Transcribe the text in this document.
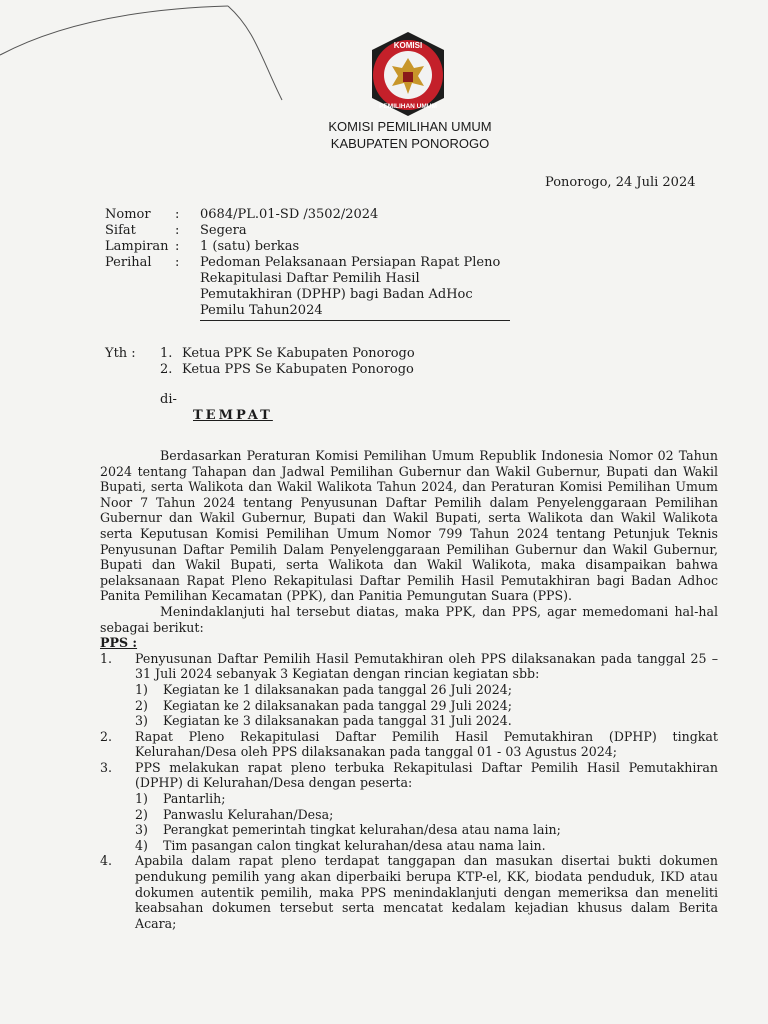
KOMISI
PEMILIHAN UMUM
KOMISI PEMILIHAN UMUM
KABUPATEN PONOROGO
Ponorogo, 24 Juli 2024
Nomor	:	0684/PL.01-SD /3502/2024
Sifat	:	Segera
Lampiran :	1 (satu) berkas
Perihal	:	Pedoman Pelaksanaan Persiapan Rapat Pleno Rekapitulasi Daftar Pemilih Hasil Pemutakhiran (DPHP) bagi Badan AdHoc Pemilu Tahun2024
Yth :	1. Ketua PPK Se Kabupaten Ponorogo
2. Ketua PPS Se Kabupaten Ponorogo
di-
TEMPAT

Berdasarkan Peraturan Komisi Pemilihan Umum Republik Indonesia Nomor 02 Tahun 2024 tentang Tahapan dan Jadwal Pemilihan Gubernur dan Wakil Gubernur, Bupati dan Wakil Bupati, serta Walikota dan Wakil Walikota Tahun 2024, dan Peraturan Komisi Pemilihan Umum Noor 7 Tahun 2024 tentang Penyusunan Daftar Pemilih dalam Penyelenggaraan Pemilihan Gubernur dan Wakil Gubernur, Bupati dan Wakil Bupati, serta Walikota dan Wakil Walikota serta Keputusan Komisi Pemilihan Umum Nomor 799 Tahun 2024 tentang Petunjuk Teknis Penyusunan Daftar Pemilih Dalam Penyelenggaraan Pemilihan Gubernur dan Wakil Gubernur, Bupati dan Wakil Bupati, serta Walikota dan Wakil Walikota, maka disampaikan bahwa pelaksanaan Rapat Pleno Rekapitulasi Daftar Pemilih Hasil Pemutakhiran bagi Badan Adhoc Panita Pemilihan Kecamatan (PPK), dan Panitia Pemungutan Suara (PPS).

Menindaklanjuti hal tersebut diatas, maka PPK, dan PPS, agar memedomani hal-hal sebagai berikut:

PPS :

1.	Penyusunan Daftar Pemilih Hasil Pemutakhiran oleh PPS dilaksanakan pada tanggal 25 – 31 Juli 2024 sebanyak 3 Kegiatan dengan rincian kegiatan sbb:
1)	Kegiatan ke 1 dilaksanakan pada tanggal 26 Juli 2024;
2)	Kegiatan ke 2 dilaksanakan pada tanggal 29 Juli 2024;
3)	Kegiatan ke 3 dilaksanakan pada tanggal 31 Juli 2024.
2.	Rapat Pleno Rekapitulasi Daftar Pemilih Hasil Pemutakhiran (DPHP) tingkat Kelurahan/Desa oleh PPS dilaksanakan pada tanggal 01 - 03 Agustus 2024;
3.	PPS melakukan rapat pleno terbuka Rekapitulasi Daftar Pemilih Hasil Pemutakhiran (DPHP) di Kelurahan/Desa dengan peserta:
1)	Pantarlih;
2)	Panwaslu Kelurahan/Desa;
3)	Perangkat pemerintah tingkat kelurahan/desa atau nama lain;
4)	Tim pasangan calon tingkat kelurahan/desa atau nama lain.
4.	Apabila dalam rapat pleno terdapat tanggapan dan masukan disertai bukti dokumen pendukung pemilih yang akan diperbaiki berupa KTP-el, KK, biodata penduduk, IKD atau dokumen autentik pemilih, maka PPS menindaklanjuti dengan memeriksa dan meneliti keabsahan dokumen tersebut serta mencatat kedalam kejadian khusus dalam Berita Acara;
